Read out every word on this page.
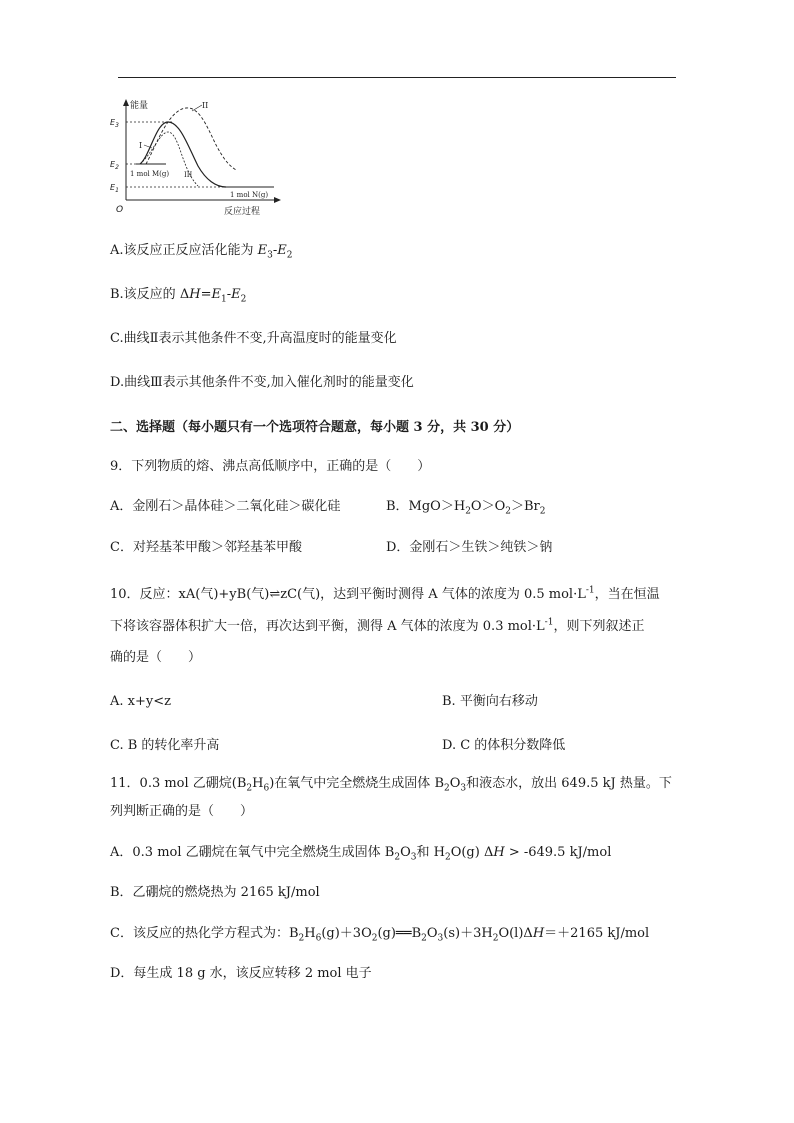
能量
反应过程
O
$E_3$
$E_2$
$E_1$
I
II
III
1 mol M(g)
1 mol N(g)
A.该反应正反应活化能为 $E_3-E_2$
B.该反应的 $\Delta H=E_1-E_2$
C.曲线Ⅱ表示其他条件不变,升高温度时的能量变化
D.曲线Ⅲ表示其他条件不变,加入催化剂时的能量变化
二、选择题（每小题只有一个选项符合题意，每小题 3 分，共 30 分）
9．下列物质的熔、沸点高低顺序中，正确的是（　　）
A．金刚石＞晶体硅＞二氧化硅＞碳化硅	B．$MgO>H_2O>O_2>Br_2$
C．对羟基苯甲酸＞邻羟基苯甲酸	D．金刚石＞生铁＞纯铁＞钠
10．反应：xA(气)+yB(气)⇌zC(气)，达到平衡时测得 A 气体的浓度为 0.5 $mol\cdot L^{-1}$，当在恒温
下将该容器体积扩大一倍，再次达到平衡，测得 A 气体的浓度为 0.3 $mol\cdot L^{-1}$，则下列叙述正
确的是（　　）
A. x+y<z	B. 平衡向右移动
C. B 的转化率升高	D. C 的体积分数降低
11．0.3 mol 乙硼烷$(B_2H_6)$在氧气中完全燃烧生成固体 $B_2O_3$和液态水，放出 649.5 kJ 热量。下
列判断正确的是（　　）
A．0.3 mol 乙硼烷在氧气中完全燃烧生成固体 $B_2O_3$和 $H_2O(g) \Delta H > -649.5$ kJ/mol
B．乙硼烷的燃烧热为 2165 kJ/mol
C．该反应的热化学方程式为：$B_2H_6(g)+3O_2(g)══B_2O_3(s)+3H_2O(l)\Delta H=+2165$ kJ/mol
D．每生成 18 g 水，该反应转移 2 mol 电子
